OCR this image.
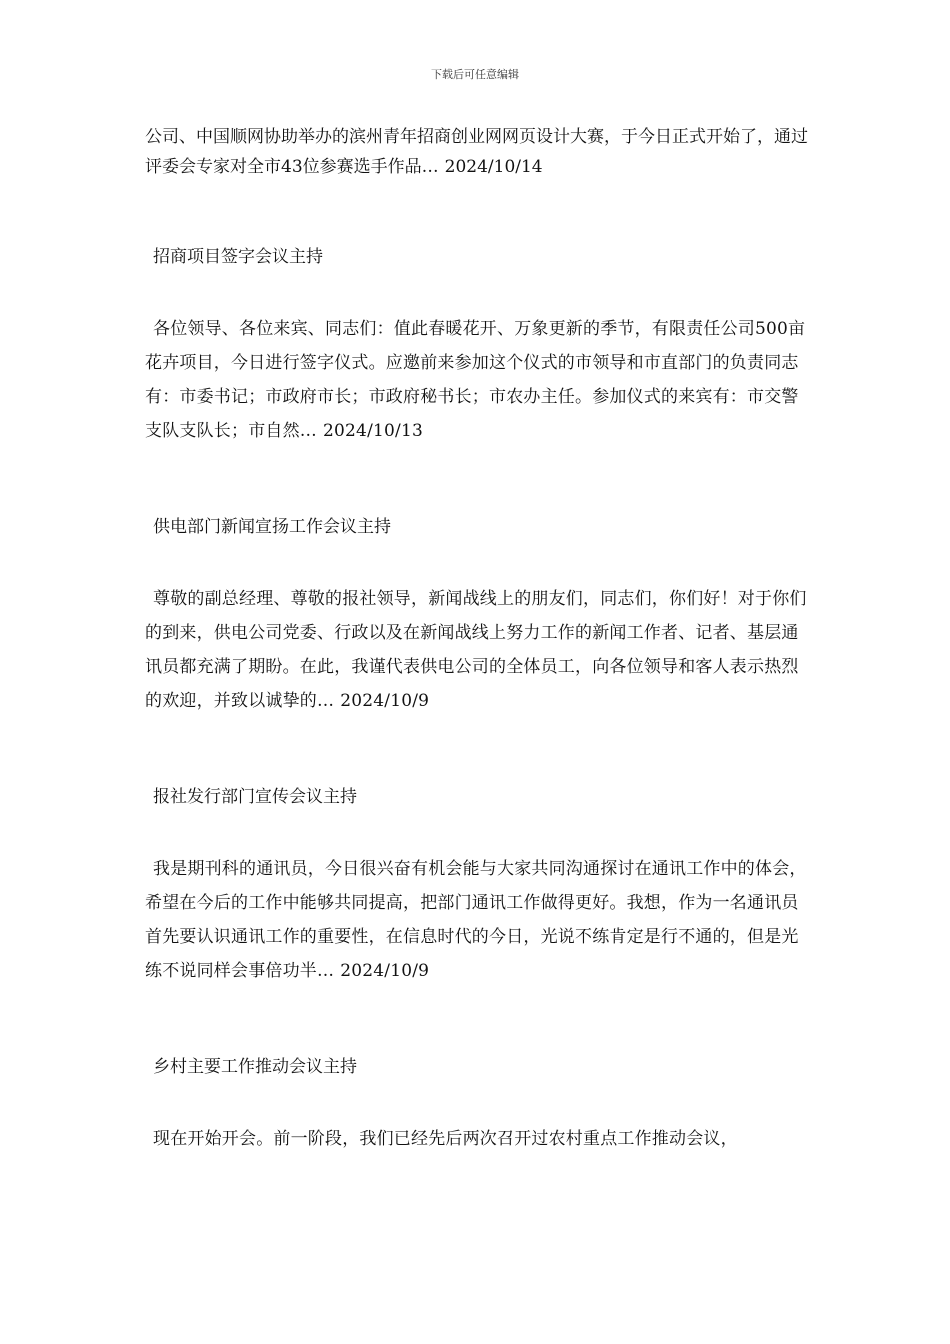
下载后可任意编辑

公司、中国顺网协助举办的滨州青年招商创业网网页设计大赛，于今日正式开始了，通过评委会专家对全市43位参赛选手作品… 2024/10/14

招商项目签字会议主持

各位领导、各位来宾、同志们：值此春暖花开、万象更新的季节，有限责任公司500亩花卉项目，今日进行签字仪式。应邀前来参加这个仪式的市领导和市直部门的负责同志有：市委书记；市政府市长；市政府秘书长；市农办主任。参加仪式的来宾有：市交警支队支队长；市自然… 2024/10/13

供电部门新闻宣扬工作会议主持

尊敬的副总经理、尊敬的报社领导，新闻战线上的朋友们，同志们，你们好！对于你们的到来，供电公司党委、行政以及在新闻战线上努力工作的新闻工作者、记者、基层通讯员都充满了期盼。在此，我谨代表供电公司的全体员工，向各位领导和客人表示热烈的欢迎，并致以诚挚的… 2024/10/9

报社发行部门宣传会议主持

我是期刊科的通讯员，今日很兴奋有机会能与大家共同沟通探讨在通讯工作中的体会，希望在今后的工作中能够共同提高，把部门通讯工作做得更好。我想，作为一名通讯员首先要认识通讯工作的重要性，在信息时代的今日，光说不练肯定是行不通的，但是光练不说同样会事倍功半… 2024/10/9

乡村主要工作推动会议主持

现在开始开会。前一阶段，我们已经先后两次召开过农村重点工作推动会议，
